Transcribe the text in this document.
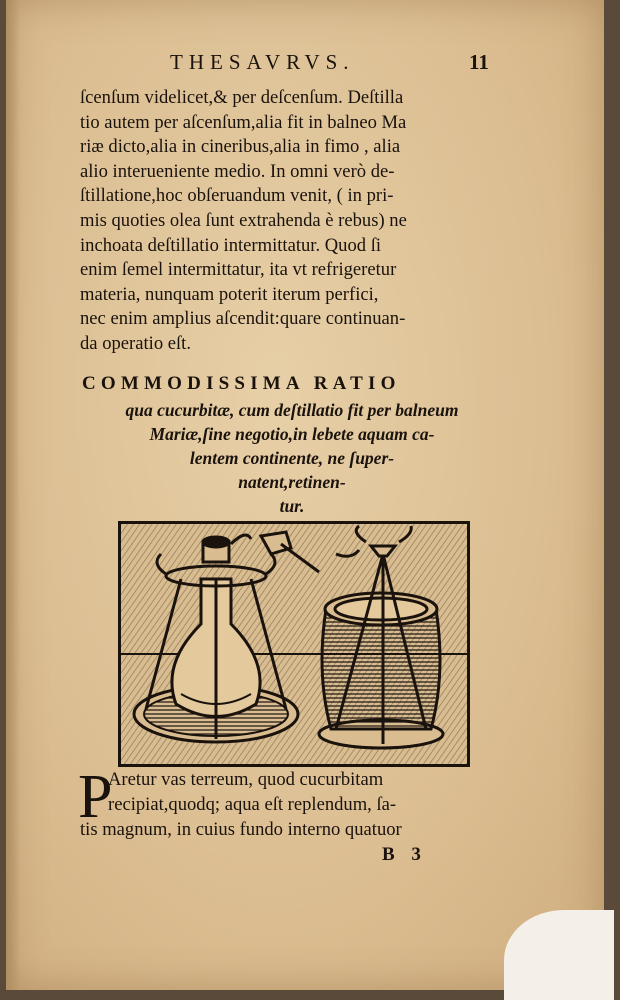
THESAVRVS.	11
ſcenſum videlicet,& per deſcenſum. Deſtilla
tio autem per aſcenſum,alia fit in balneo Ma
riæ dicto,alia in cineribus,alia in fimo , alia
alio interueniente medio. In omni verò de-
ſtillatione,hoc obſeruandum venit, ( in pri-
mis quoties olea ſunt extrahenda è rebus) ne
inchoata deſtillatio intermittatur. Quod ſi
enim ſemel intermittatur, ita vt refrigeretur
materia, nunquam poterit iterum perfici,
nec enim amplius aſcendit:quare continuan-
da operatio eſt.
COMMODISSIMA RATIO
qua cucurbitæ, cum deſtillatio fit per balneum
Mariæ,ſine negotio,in lebete aquam ca-
lentem continente, ne ſuper-
natent,retinen-
tur.
P
Aretur vas terreum, quod cucurbitam
recipiat,quodq; aqua eſt replendum, ſa-
tis magnum, in cuius fundo interno quatuor
B 3
